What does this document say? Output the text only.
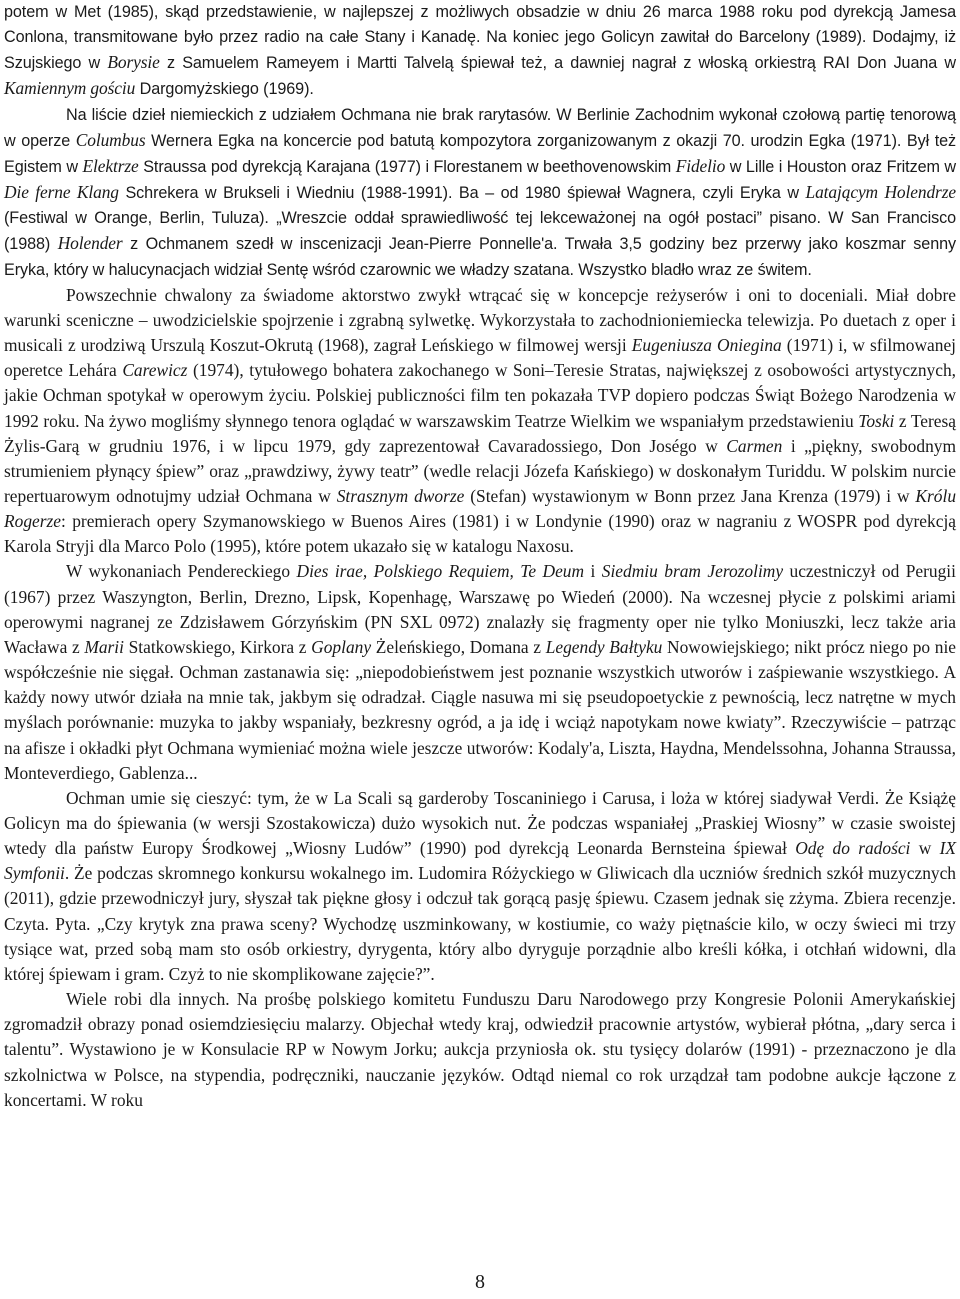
potem w Met (1985), skąd przedstawienie, w najlepszej z możliwych obsadzie w dniu 26 marca 1988 roku pod dyrekcją Jamesa Conlona, transmitowane było przez radio na całe Stany i Kanadę. Na koniec jego Golicyn zawitał do Barcelony (1989). Dodajmy, iż Szujskiego w Borysie z Samuelem Rameyem i Martti Talvelą śpiewał też, a dawniej nagrał z włoską orkiestrą RAI Don Juana w Kamiennym gościu Dargomyżskiego (1969).

Na liście dzieł niemieckich z udziałem Ochmana nie brak rarytasów. W Berlinie Zachodnim wykonał czołową partię tenorową w operze Columbus Wernera Egka na koncercie pod batutą kompozytora zorganizowanym z okazji 70. urodzin Egka (1971). Był też Egistem w Elektrze Straussa pod dyrekcją Karajana (1977) i Florestanem w beethovenowskim Fidelio w Lille i Houston oraz Fritzem w Die ferne Klang Schrekera w Brukseli i Wiedniu (1988-1991). Ba – od 1980 śpiewał Wagnera, czyli Eryka w Latającym Holendrze (Festiwal w Orange, Berlin, Tuluza). „Wreszcie oddał sprawiedliwość tej lekceważonej na ogół postaci” pisano. W San Francisco (1988) Holender z Ochmanem szedł w inscenizacji Jean-Pierre Ponnelle'a. Trwała 3,5 godziny bez przerwy jako koszmar senny Eryka, który w halucynacjach widział Sentę wśród czarownic we władzy szatana. Wszystko bladło wraz ze świtem.

Powszechnie chwalony za świadome aktorstwo zwykł wtrącać się w koncepcje reżyserów i oni to doceniali. Miał dobre warunki sceniczne – uwodzicielskie spojrzenie i zgrabną sylwetkę. Wykorzystała to zachodnioniemiecka telewizja. Po duetach z oper i musicali z urodziwą Urszulą Koszut-Okrutą (1968), zagrał Leńskiego w filmowej wersji Eugeniusza Oniegina (1971) i, w sfilmowanej operetce Lehára Carewicz (1974), tytułowego bohatera zakochanego w Soni–Teresie Stratas, największej z osobowości artystycznych, jakie Ochman spotykał w operowym życiu. Polskiej publiczności film ten pokazała TVP dopiero podczas Świąt Bożego Narodzenia w 1992 roku. Na żywo mogliśmy słynnego tenora oglądać w warszawskim Teatrze Wielkim we wspaniałym przedstawieniu Toski z Teresą Żylis-Garą w grudniu 1976, i w lipcu 1979, gdy zaprezentował Cavaradossiego, Don Joségo w Carmen i „piękny, swobodnym strumieniem płynący śpiew” oraz „prawdziwy, żywy teatr” (wedle relacji Józefa Kańskiego) w doskonałym Turiddu. W polskim nurcie repertuarowym odnotujmy udział Ochmana w Strasznym dworze (Stefan) wystawionym w Bonn przez Jana Krenza (1979) i w Królu Rogerze: premierach opery Szymanowskiego w Buenos Aires (1981) i w Londynie (1990) oraz w nagraniu z WOSPR pod dyrekcją Karola Stryji dla Marco Polo (1995), które potem ukazało się w katalogu Naxosu.

W wykonaniach Pendereckiego Dies irae, Polskiego Requiem, Te Deum i Siedmiu bram Jerozolimy uczestniczył od Perugii (1967) przez Waszyngton, Berlin, Drezno, Lipsk, Kopenhagę, Warszawę po Wiedeń (2000). Na wczesnej płycie z polskimi ariami operowymi nagranej ze Zdzisławem Górzyńskim (PN SXL 0972) znalazły się fragmenty oper nie tylko Moniuszki, lecz także aria Wacława z Marii Statkowskiego, Kirkora z Goplany Żeleńskiego, Domana z Legendy Bałtyku Nowowiejskiego; nikt prócz niego po nie współcześnie nie sięgał. Ochman zastanawia się: „niepodobieństwem jest poznanie wszystkich utworów i zaśpiewanie wszystkiego. A każdy nowy utwór działa na mnie tak, jakbym się odradzał. Ciągle nasuwa mi się pseudopoetyckie z pewnością, lecz natrętne w mych myślach porównanie: muzyka to jakby wspaniały, bezkresny ogród, a ja idę i wciąż napotykam nowe kwiaty”. Rzeczywiście – patrząc na afisze i okładki płyt Ochmana wymieniać można wiele jeszcze utworów: Kodaly'a, Liszta, Haydna, Mendelssohna, Johanna Straussa, Monteverdiego, Gablenza...

Ochman umie się cieszyć: tym, że w La Scali są garderoby Toscaniniego i Carusa, i loża w której siadywał Verdi. Że Książę Golicyn ma do śpiewania (w wersji Szostakowicza) dużo wysokich nut. Że podczas wspaniałej „Praskiej Wiosny” w czasie swoistej wtedy dla państw Europy Środkowej „Wiosny Ludów” (1990) pod dyrekcją Leonarda Bernsteina śpiewał Odę do radości w IX Symfonii. Że podczas skromnego konkursu wokalnego im. Ludomira Różyckiego w Gliwicach dla uczniów średnich szkół muzycznych (2011), gdzie przewodniczył jury, słyszał tak piękne głosy i odczuł tak gorącą pasję śpiewu. Czasem jednak się zżyma. Zbiera recenzje. Czyta. Pyta. „Czy krytyk zna prawa sceny? Wychodzę uszminkowany, w kostiumie, co waży piętnaście kilo, w oczy świeci mi trzy tysiące wat, przed sobą mam sto osób orkiestry, dyrygenta, który albo dyryguje porządnie albo kreśli kółka, i otchłań widowni, dla której śpiewam i gram. Czyż to nie skomplikowane zajęcie?”.

Wiele robi dla innych. Na prośbę polskiego komitetu Funduszu Daru Narodowego przy Kongresie Polonii Amerykańskiej zgromadził obrazy ponad osiemdziesięciu malarzy. Objechał wtedy kraj, odwiedził pracownie artystów, wybierał płótna, „dary serca i talentu”. Wystawiono je w Konsulacie RP w Nowym Jorku; aukcja przyniosła ok. stu tysięcy dolarów (1991) - przeznaczono je dla szkolnictwa w Polsce, na stypendia, podręczniki, nauczanie języków. Odtąd niemal co rok urządzał tam podobne aukcje łączone z koncertami. W roku

8
